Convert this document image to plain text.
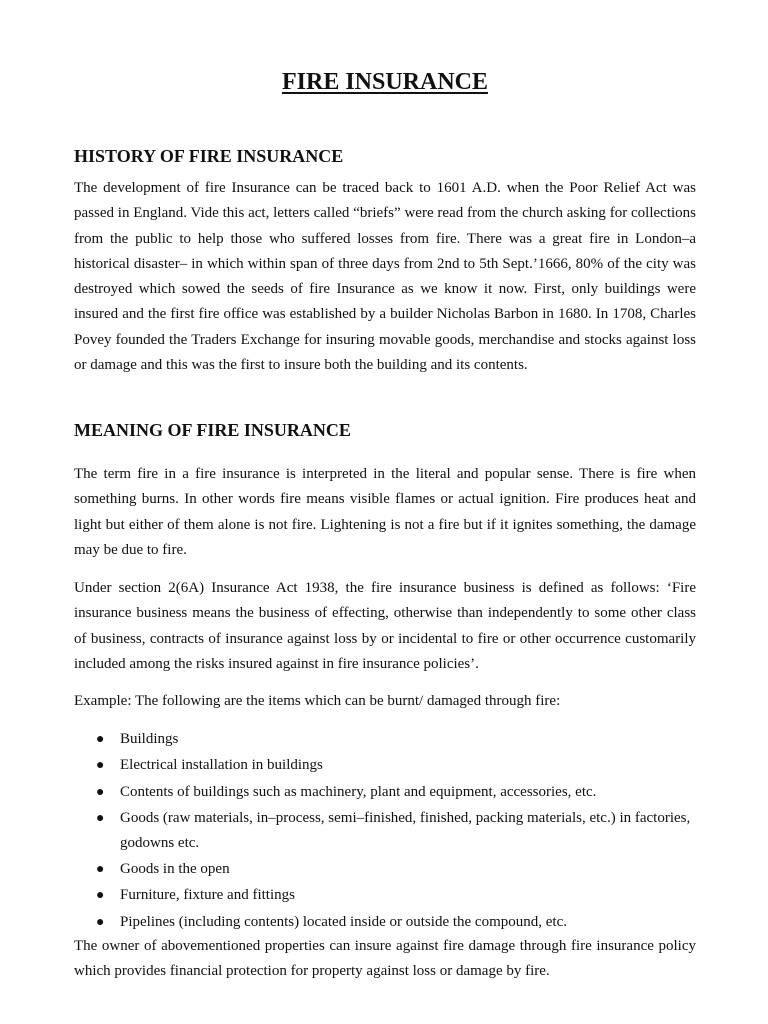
FIRE INSURANCE
HISTORY OF FIRE INSURANCE

The development of fire Insurance can be traced back to 1601 A.D. when the Poor Relief Act was passed in England. Vide this act, letters called “briefs” were read from the church asking for collections from the public to help those who suffered losses from fire. There was a great fire in London–a historical disaster– in which within span of three days from 2nd to 5th Sept.’1666, 80% of the city was destroyed which sowed the seeds of fire Insurance as we know it now. First, only buildings were insured and the first fire office was established by a builder Nicholas Barbon in 1680. In 1708, Charles Povey founded the Traders Exchange for insuring movable goods, merchandise and stocks against loss or damage and this was the first to insure both the building and its contents.

MEANING OF FIRE INSURANCE

The term fire in a fire insurance is interpreted in the literal and popular sense. There is fire when something burns. In other words fire means visible flames or actual ignition. Fire produces heat and light but either of them alone is not fire. Lightening is not a fire but if it ignites something, the damage may be due to fire.

Under section 2(6A) Insurance Act 1938, the fire insurance business is defined as follows: ‘Fire insurance business means the business of effecting, otherwise than independently to some other class of business, contracts of insurance against loss by or incidental to fire or other occurrence customarily included among the risks insured against in fire insurance policies’.

Example: The following are the items which can be burnt/ damaged through fire:

● Buildings
● Electrical installation in buildings
● Contents of buildings such as machinery, plant and equipment, accessories, etc.
● Goods (raw materials, in–process, semi–finished, finished, packing materials, etc.) in factories, godowns etc.
● Goods in the open
● Furniture, fixture and fittings
● Pipelines (including contents) located inside or outside the compound, etc.

The owner of abovementioned properties can insure against fire damage through fire insurance policy which provides financial protection for property against loss or damage by fire.
